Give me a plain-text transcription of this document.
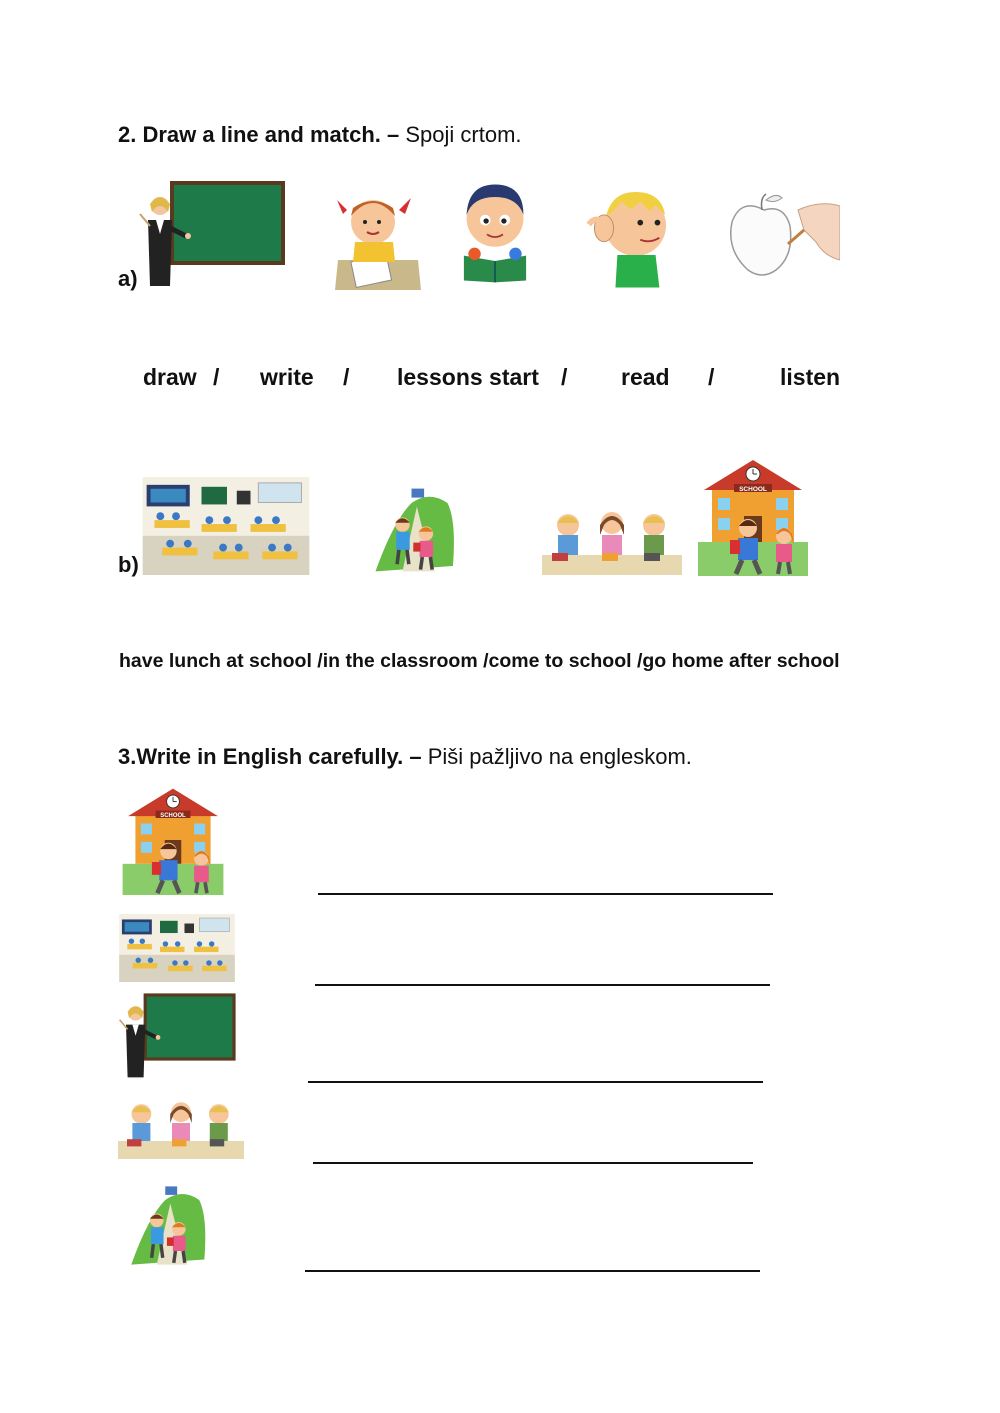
2. Draw a line and match. – Spoji crtom.
a)
draw / write / lessons start / read /	listen
b)
have lunch at school /in the classroom /come to school /go home after school
3.Write in English carefully. – Piši pažljivo na engleskom.
